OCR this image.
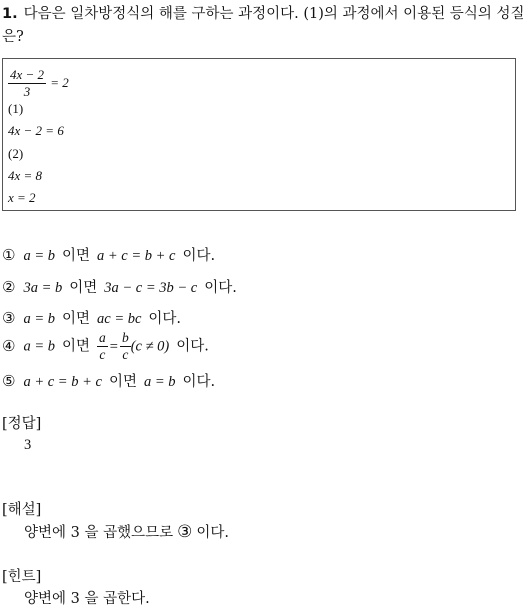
1. 다음은 일차방정식의 해를 구하는 과정이다. (1)의 과정에서 이용된 등식의 성질은?
$\frac{4x - 2}{3} = 2$
(1)
4x − 2 = 6
(2)
4x = 8
x = 2
① a = b 이면 a + c = b + c 이다.
② 3a = b 이면 3a − c = 3b − c 이다.
③ a = b 이면 ac = bc 이다.
④ a = b 이면 $\frac{a}{c} = \frac{b}{c} (c \ne 0)$ 이다.
⑤ a + c = b + c 이면 a = b 이다.
[정답]
3
[해설]
양변에 3 을 곱했으므로 ③ 이다.
[힌트]
양변에 3 을 곱한다.
